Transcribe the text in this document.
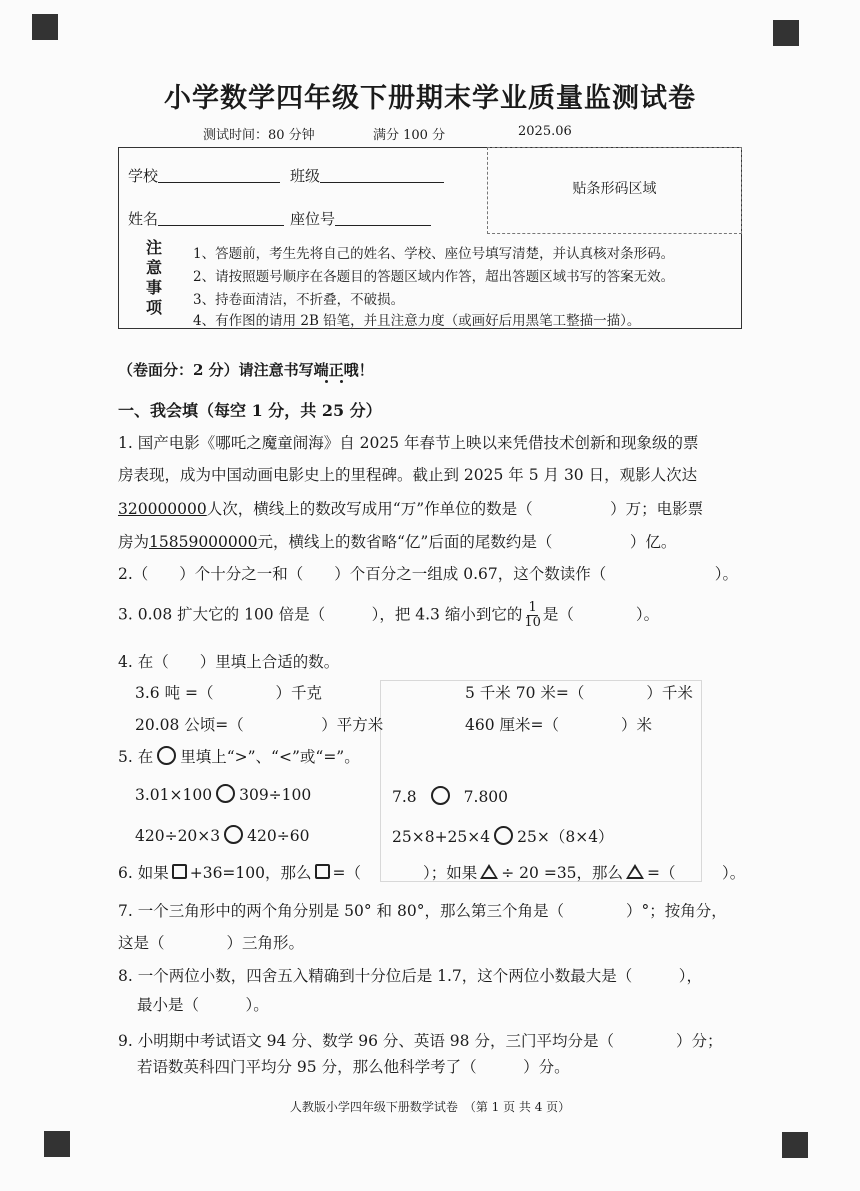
小学数学四年级下册期末学业质量监测试卷
测试时间：80 分钟	满分 100 分	2025.06
贴条形码区域
学校	班级
姓名	座位号
注
意
事
项
1、答题前，考生先将自己的姓名、学校、座位号填写清楚，并认真核对条形码。
2、请按照题号顺序在各题目的答题区域内作答，超出答题区域书写的答案无效。
3、持卷面清洁，不折叠，不破损。
4、有作图的请用 2B 铅笔，并且注意力度（或画好后用黑笔工整描一描）。
（卷面分：2 分）请注意书写端正哦！
一、我会填（每空 1 分，共 25 分）
1. 国产电影《哪吒之魔童闹海》自 2025 年春节上映以来凭借技术创新和现象级的票
房表现，成为中国动画电影史上的里程碑。截止到 2025 年 5 月 30 日，观影人次达
320000000人次，横线上的数改写成用“万”作单位的数是（　　　　　）万；电影票
房为15859000000元，横线上的数省略“亿”后面的尾数约是（　　　　　）亿。
2.（　　）个十分之一和（　　）个百分之一组成 0.67，这个数读作（　　　　　　　）。
3. 0.08 扩大它的 100 倍是（　　　），把 4.3 缩小到它的 $\frac{1}{10}$ 是（　　　　）。
4. 在（　　）里填上合适的数。
3.6 吨 =（　　　　）千克	5 千米 70 米=（　　　　）千米
20.08 公顷=（　　　　　）平方米	460 厘米=（　　　　）米
5. 在 里填上“>”、“<”或“=”。
3.01×100 309÷100	7.8	7.800
420÷20×3 420÷60	25×8+25×4 25×（8×4）
6. 如果 +36=100，那么 =（　　　　）；如果 ÷ 20 =35，那么 =（　　　）。
7. 一个三角形中的两个角分别是 50° 和 80°，那么第三个角是（　　　　）°；按角分，
这是（　　　　）三角形。
8. 一个两位小数，四舍五入精确到十分位后是 1.7，这个两位小数最大是（　　　），
最小是（　　　）。
9. 小明期中考试语文 94 分、数学 96 分、英语 98 分，三门平均分是（　　　　）分；
若语数英科四门平均分 95 分，那么他科学考了（　　　）分。
人教版小学四年级下册数学试卷　（第 1 页 共 4 页）
